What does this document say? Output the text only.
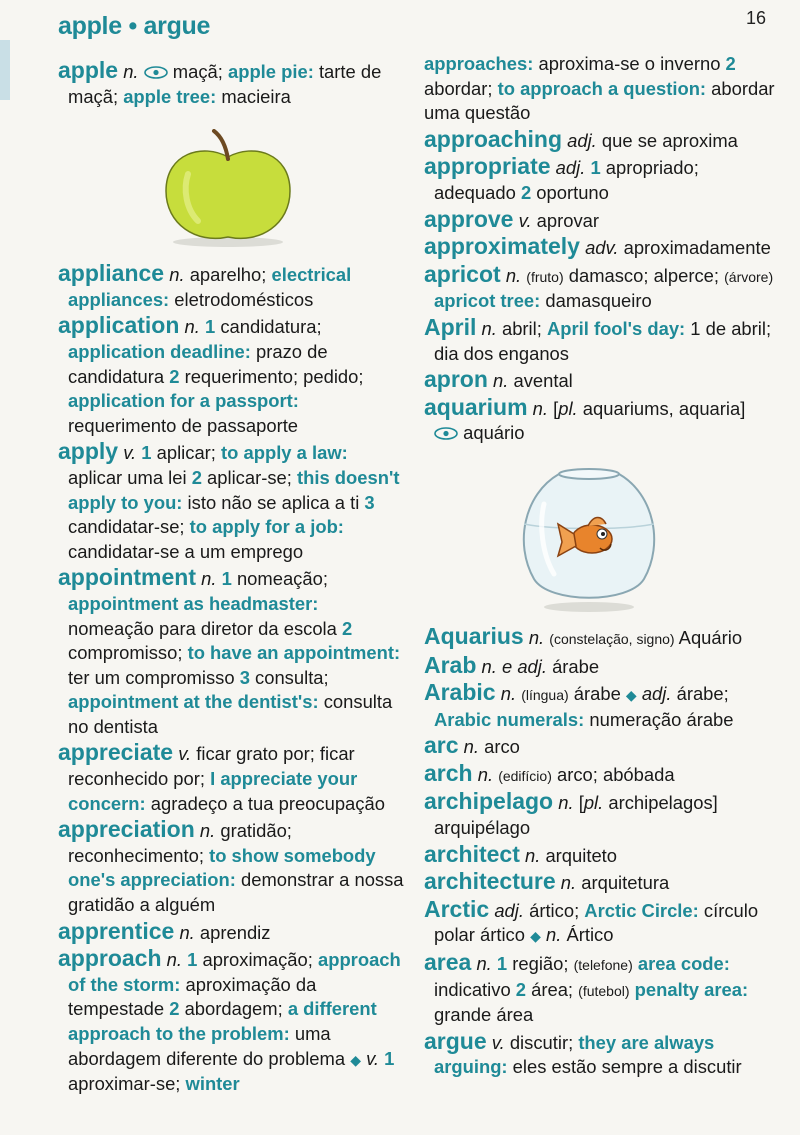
apple • argue	16

apple n.  maçã; apple pie: tarte de maçã; apple tree: macieira

appliance n. aparelho; electrical appliances: eletrodomésticos

application n. 1 candidatura; application deadline: prazo de candidatura 2 requerimento; pedido; application for a passport: requerimento de passaporte

apply v. 1 aplicar; to apply a law: aplicar uma lei 2 aplicar-se; this doesn't apply to you: isto não se aplica a ti 3 candidatar-se; to apply for a job: candidatar-se a um emprego

appointment n. 1 nomeação; appointment as headmaster: nomeação para diretor da escola 2 compromisso; to have an appointment: ter um compromisso 3 consulta; appointment at the dentist's: consulta no dentista

appreciate v. ficar grato por; ficar reconhecido por; I appreciate your concern: agradeço a tua preocupação

appreciation n. gratidão; reconhecimento; to show somebody one's appreciation: demonstrar a nossa gratidão a alguém

apprentice n. aprendiz

approach n. 1 aproximação; approach of the storm: aproximação da tempestade 2 abordagem; a different approach to the problem: uma abordagem diferente do problema ◆ v. 1 aproximar-se; winter

approaches: aproxima-se o inverno 2 abordar; to approach a question: abordar uma questão

approaching adj. que se aproxima

appropriate adj. 1 apropriado; adequado 2 oportuno

approve v. aprovar

approximately adv. aproximadamente

apricot n. (fruto) damasco; alperce; (árvore) apricot tree: damasqueiro

April n. abril; April fool's day: 1 de abril; dia dos enganos

apron n. avental

aquarium n. [pl. aquariums, aquaria]
aquário

Aquarius n. (constelação, signo) Aquário

Arab n. e adj. árabe

Arabic n. (língua) árabe ◆ adj. árabe; Arabic numerals: numeração árabe

arc n. arco

arch n. (edifício) arco; abóbada

archipelago n. [pl. archipelagos] arquipélago

architect n. arquiteto

architecture n. arquitetura

Arctic adj. ártico; Arctic Circle: círculo polar ártico ◆ n. Ártico

area n. 1 região; (telefone) area code: indicativo 2 área; (futebol) penalty area: grande área

argue v. discutir; they are always arguing: eles estão sempre a discutir
